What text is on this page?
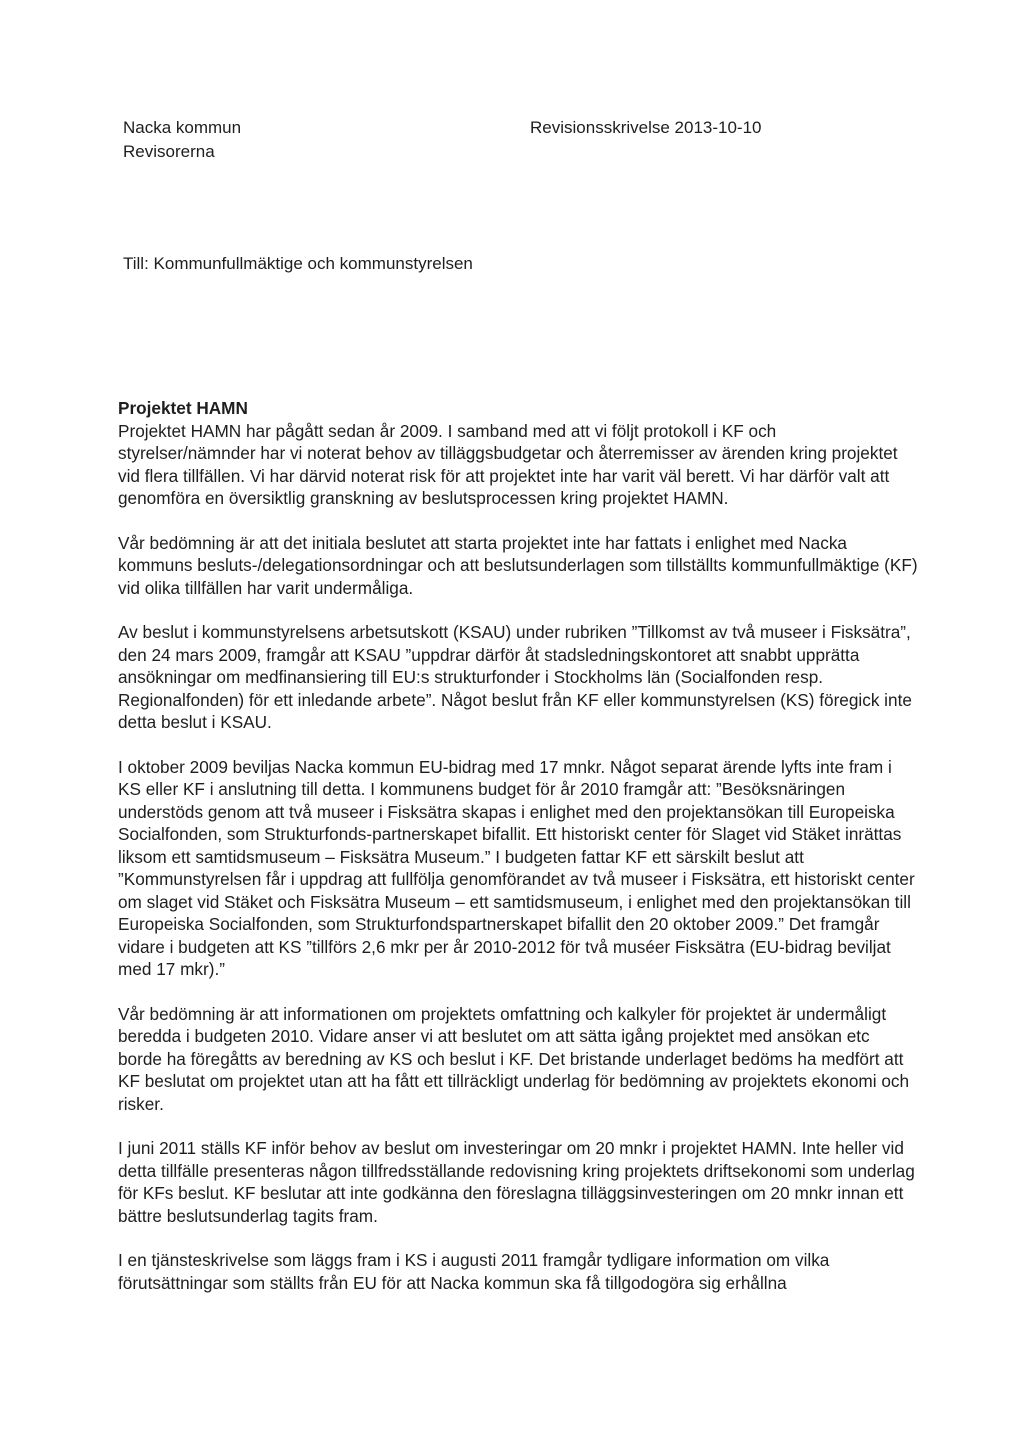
Nacka kommun
Revisorerna
Revisionsskrivelse 2013-10-10
Till: Kommunfullmäktige och kommunstyrelsen
Projektet HAMN

Projektet HAMN har pågått sedan år 2009. I samband med att vi följt protokoll i KF och styrelser/nämnder har vi noterat behov av tilläggsbudgetar och återremisser av ärenden kring projektet vid flera tillfällen. Vi har därvid noterat risk för att projektet inte har varit väl berett. Vi har därför valt att genomföra en översiktlig granskning av beslutsprocessen kring projektet HAMN.

Vår bedömning är att det initiala beslutet att starta projektet inte har fattats i enlighet med Nacka kommuns besluts-/delegationsordningar och att beslutsunderlagen som tillställts kommunfullmäktige (KF) vid olika tillfällen har varit undermåliga.

Av beslut i kommunstyrelsens arbetsutskott (KSAU) under rubriken ”Tillkomst av två museer i Fisksätra”, den 24 mars 2009, framgår att KSAU ”uppdrar därför åt stadsledningskontoret att snabbt upprätta ansökningar om medfinansiering till EU:s strukturfonder i Stockholms län (Socialfonden resp. Regionalfonden) för ett inledande arbete”. Något beslut från KF eller kommunstyrelsen (KS) föregick inte detta beslut i KSAU.

I oktober 2009 beviljas Nacka kommun EU-bidrag med 17 mnkr. Något separat ärende lyfts inte fram i KS eller KF i anslutning till detta. I kommunens budget för år 2010 framgår att: ”Besöksnäringen understöds genom att två museer i Fisksätra skapas i enlighet med den projektansökan till Europeiska Socialfonden, som Strukturfonds-partnerskapet bifallit. Ett historiskt center för Slaget vid Stäket inrättas liksom ett samtidsmuseum – Fisksätra Museum.” I budgeten fattar KF ett särskilt beslut att ”Kommunstyrelsen får i uppdrag att fullfölja genomförandet av två museer i Fisksätra, ett historiskt center om slaget vid Stäket och Fisksätra Museum – ett samtidsmuseum, i enlighet med den projektansökan till Europeiska Socialfonden, som Strukturfondspartnerskapet bifallit den 20 oktober 2009.” Det framgår vidare i budgeten att KS ”tillförs 2,6 mkr per år 2010-2012 för två muséer Fisksätra (EU-bidrag beviljat med 17 mkr).”

Vår bedömning är att informationen om projektets omfattning och kalkyler för projektet är undermåligt beredda i budgeten 2010. Vidare anser vi att beslutet om att sätta igång projektet med ansökan etc borde ha föregåtts av beredning av KS och beslut i KF. Det bristande underlaget bedöms ha medfört att KF beslutat om projektet utan att ha fått ett tillräckligt underlag för bedömning av projektets ekonomi och risker.

I juni 2011 ställs KF inför behov av beslut om investeringar om 20 mnkr i projektet HAMN. Inte heller vid detta tillfälle presenteras någon tillfredsställande redovisning kring projektets driftsekonomi som underlag för KFs beslut. KF beslutar att inte godkänna den föreslagna tilläggsinvesteringen om 20 mnkr innan ett bättre beslutsunderlag tagits fram.

I en tjänsteskrivelse som läggs fram i KS i augusti 2011 framgår tydligare information om vilka förutsättningar som ställts från EU för att Nacka kommun ska få tillgodogöra sig erhållna
